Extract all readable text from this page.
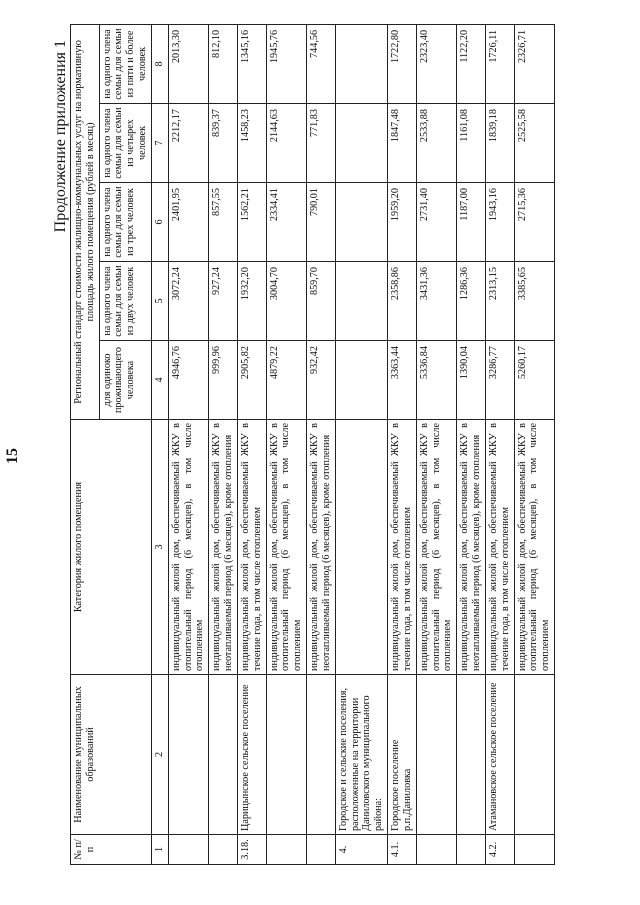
15
Продолжение приложения 1
№ п/п	Наименование муниципальных образований	Категория жилого помещения	Региональный стандарт стоимости жилищно-коммунальных услуг на нормативную площадь жилого помещения (рублей в месяц)				
			для одиноко проживающего человека	на одного члена семьи для семьи из двух человек	на одного члена семьи для семьи из трех человек	на одного члена семьи для семьи из четырех человек	на одного члена семьи для семьи из пяти и более человек
1	2	3	4	5	6	7	8
		индивидуальный жилой дом, обеспечиваемый ЖКУ в отопительный период (6 месяцев), в том числе отоплением	4946,76	3072,24	2401,95	2212,17	2013,30
		индивидуальный жилой дом, обеспечиваемый ЖКУ в неотапливаемый период (6 месяцев), кроме отопления	999,96	927,24	857,55	839,37	812,10
3.18.	Царицынское сельское поселение	индивидуальный жилой дом, обеспечиваемый ЖКУ в течение года, в том числе отоплением	2905,82	1932,20	1562,21	1458,23	1345,16
		индивидуальный жилой дом, обеспечиваемый ЖКУ в отопительный период (6 месяцев), в том числе отоплением	4879,22	3004,70	2334,41	2144,63	1945,76
		индивидуальный жилой дом, обеспечиваемый ЖКУ в неотапливаемый период (6 месяцев), кроме отопления	932,42	859,70	790,01	771,83	744,56
4.	Городское и сельские поселения, расположенные на территории Даниловского муниципального района:						
4.1.	Городское поселение р.п.Даниловка	индивидуальный жилой дом, обеспечиваемый ЖКУ в течение года, в том числе отоплением	3363,44	2358,86	1959,20	1847,48	1722,80
		индивидуальный жилой дом, обеспечиваемый ЖКУ в отопительный период (6 месяцев), в том числе отоплением	5336,84	3431,36	2731,40	2533,88	2323,40
		индивидуальный жилой дом, обеспечиваемый ЖКУ в неотапливаемый период (6 месяцев), кроме отопления	1390,04	1286,36	1187,00	1161,08	1122,20
4.2.	Атамановское сельское поселение	индивидуальный жилой дом, обеспечиваемый ЖКУ в течение года, в том числе отоплением	3286,77	2313,15	1943,16	1839,18	1726,11
		индивидуальный жилой дом, обеспечиваемый ЖКУ в отопительный период (6 месяцев), в том числе отоплением	5260,17	3385,65	2715,36	2525,58	2326,71
